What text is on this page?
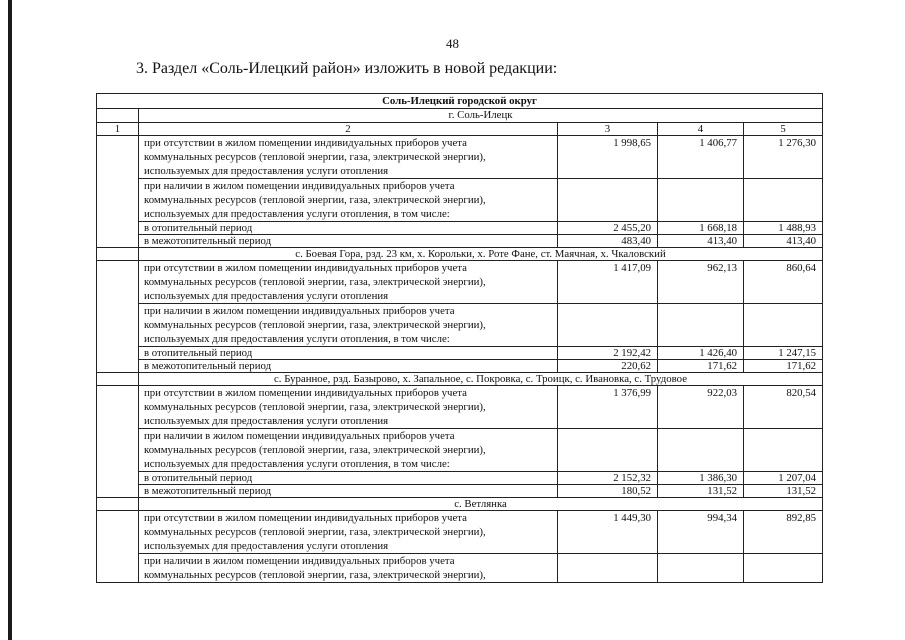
48
3. Раздел «Соль-Илецкий район» изложить в новой редакции:
Соль-Илецкий городской округ				
	г. Соль-Илецк			
1	2	3	4	5

	при отсутствии в жилом помещении индивидуальных приборов учета
коммунальных ресурсов (тепловой энергии, газа, электрической энергии),
используемых для предоставления услуги отопления	1 998,65	1 406,77	1 276,30

	при наличии в жилом помещении индивидуальных приборов учета
коммунальных ресурсов (тепловой энергии, газа, электрической энергии),
используемых для предоставления услуги отопления, в том числе:			

	в отопительный период	2 455,20	1 668,18	1 488,93
	в межотопительный период	483,40	413,40	413,40
	с. Боевая Гора, рзд. 23 км, х. Корольки, х. Роте Фане, ст. Маячная, х. Чкаловский			

	при отсутствии в жилом помещении индивидуальных приборов учета
коммунальных ресурсов (тепловой энергии, газа, электрической энергии),
используемых для предоставления услуги отопления	1 417,09	962,13	860,64

	при наличии в жилом помещении индивидуальных приборов учета
коммунальных ресурсов (тепловой энергии, газа, электрической энергии),
используемых для предоставления услуги отопления, в том числе:			

	в отопительный период	2 192,42	1 426,40	1 247,15
	в межотопительный период	220,62	171,62	171,62
	с. Буранное, рзд. Базырово, х. Запальное, с. Покровка, с. Троицк, с. Ивановка, с. Трудовое			

	при отсутствии в жилом помещении индивидуальных приборов учета
коммунальных ресурсов (тепловой энергии, газа, электрической энергии),
используемых для предоставления услуги отопления	1 376,99	922,03	820,54

	при наличии в жилом помещении индивидуальных приборов учета
коммунальных ресурсов (тепловой энергии, газа, электрической энергии),
используемых для предоставления услуги отопления, в том числе:			

	в отопительный период	2 152,32	1 386,30	1 207,04
	в межотопительный период	180,52	131,52	131,52
	с. Ветлянка			

	при отсутствии в жилом помещении индивидуальных приборов учета
коммунальных ресурсов (тепловой энергии, газа, электрической энергии),
используемых для предоставления услуги отопления	1 449,30	994,34	892,85

	при наличии в жилом помещении индивидуальных приборов учета
коммунальных ресурсов (тепловой энергии, газа, электрической энергии),			
